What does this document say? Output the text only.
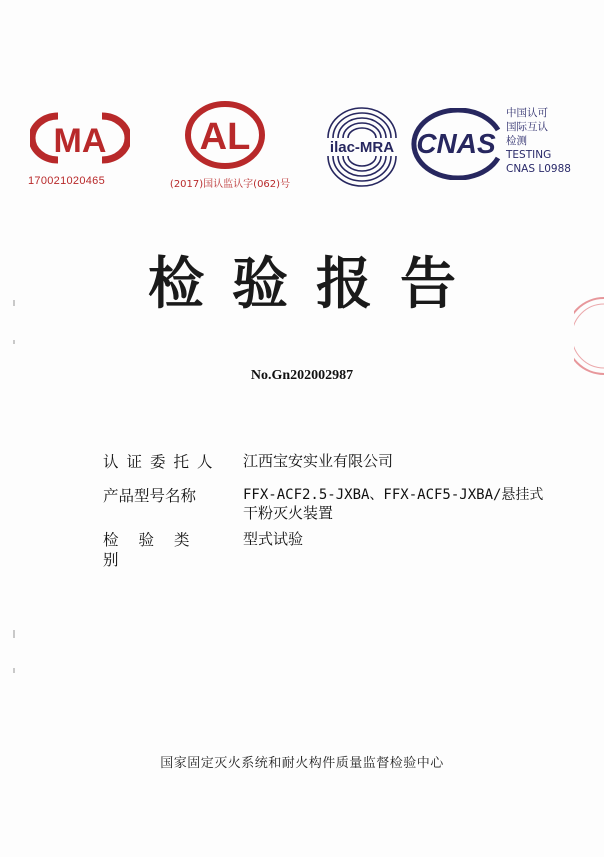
MA
170021020465
AL
(2017)国认监认字(062)号
ilac-MRA CNAS
中国认可
国际互认
检测
TESTING
CNAS L0988
检验报告
No.Gn202002987
认证委托人	江西宝安实业有限公司
产品型号名称	FFX-ACF2.5-JXBA、FFX-ACF5-JXBA/悬挂式
干粉灭火装置
检验类别
型式试验
国家固定灭火系统和耐火构件质量监督检验中心
